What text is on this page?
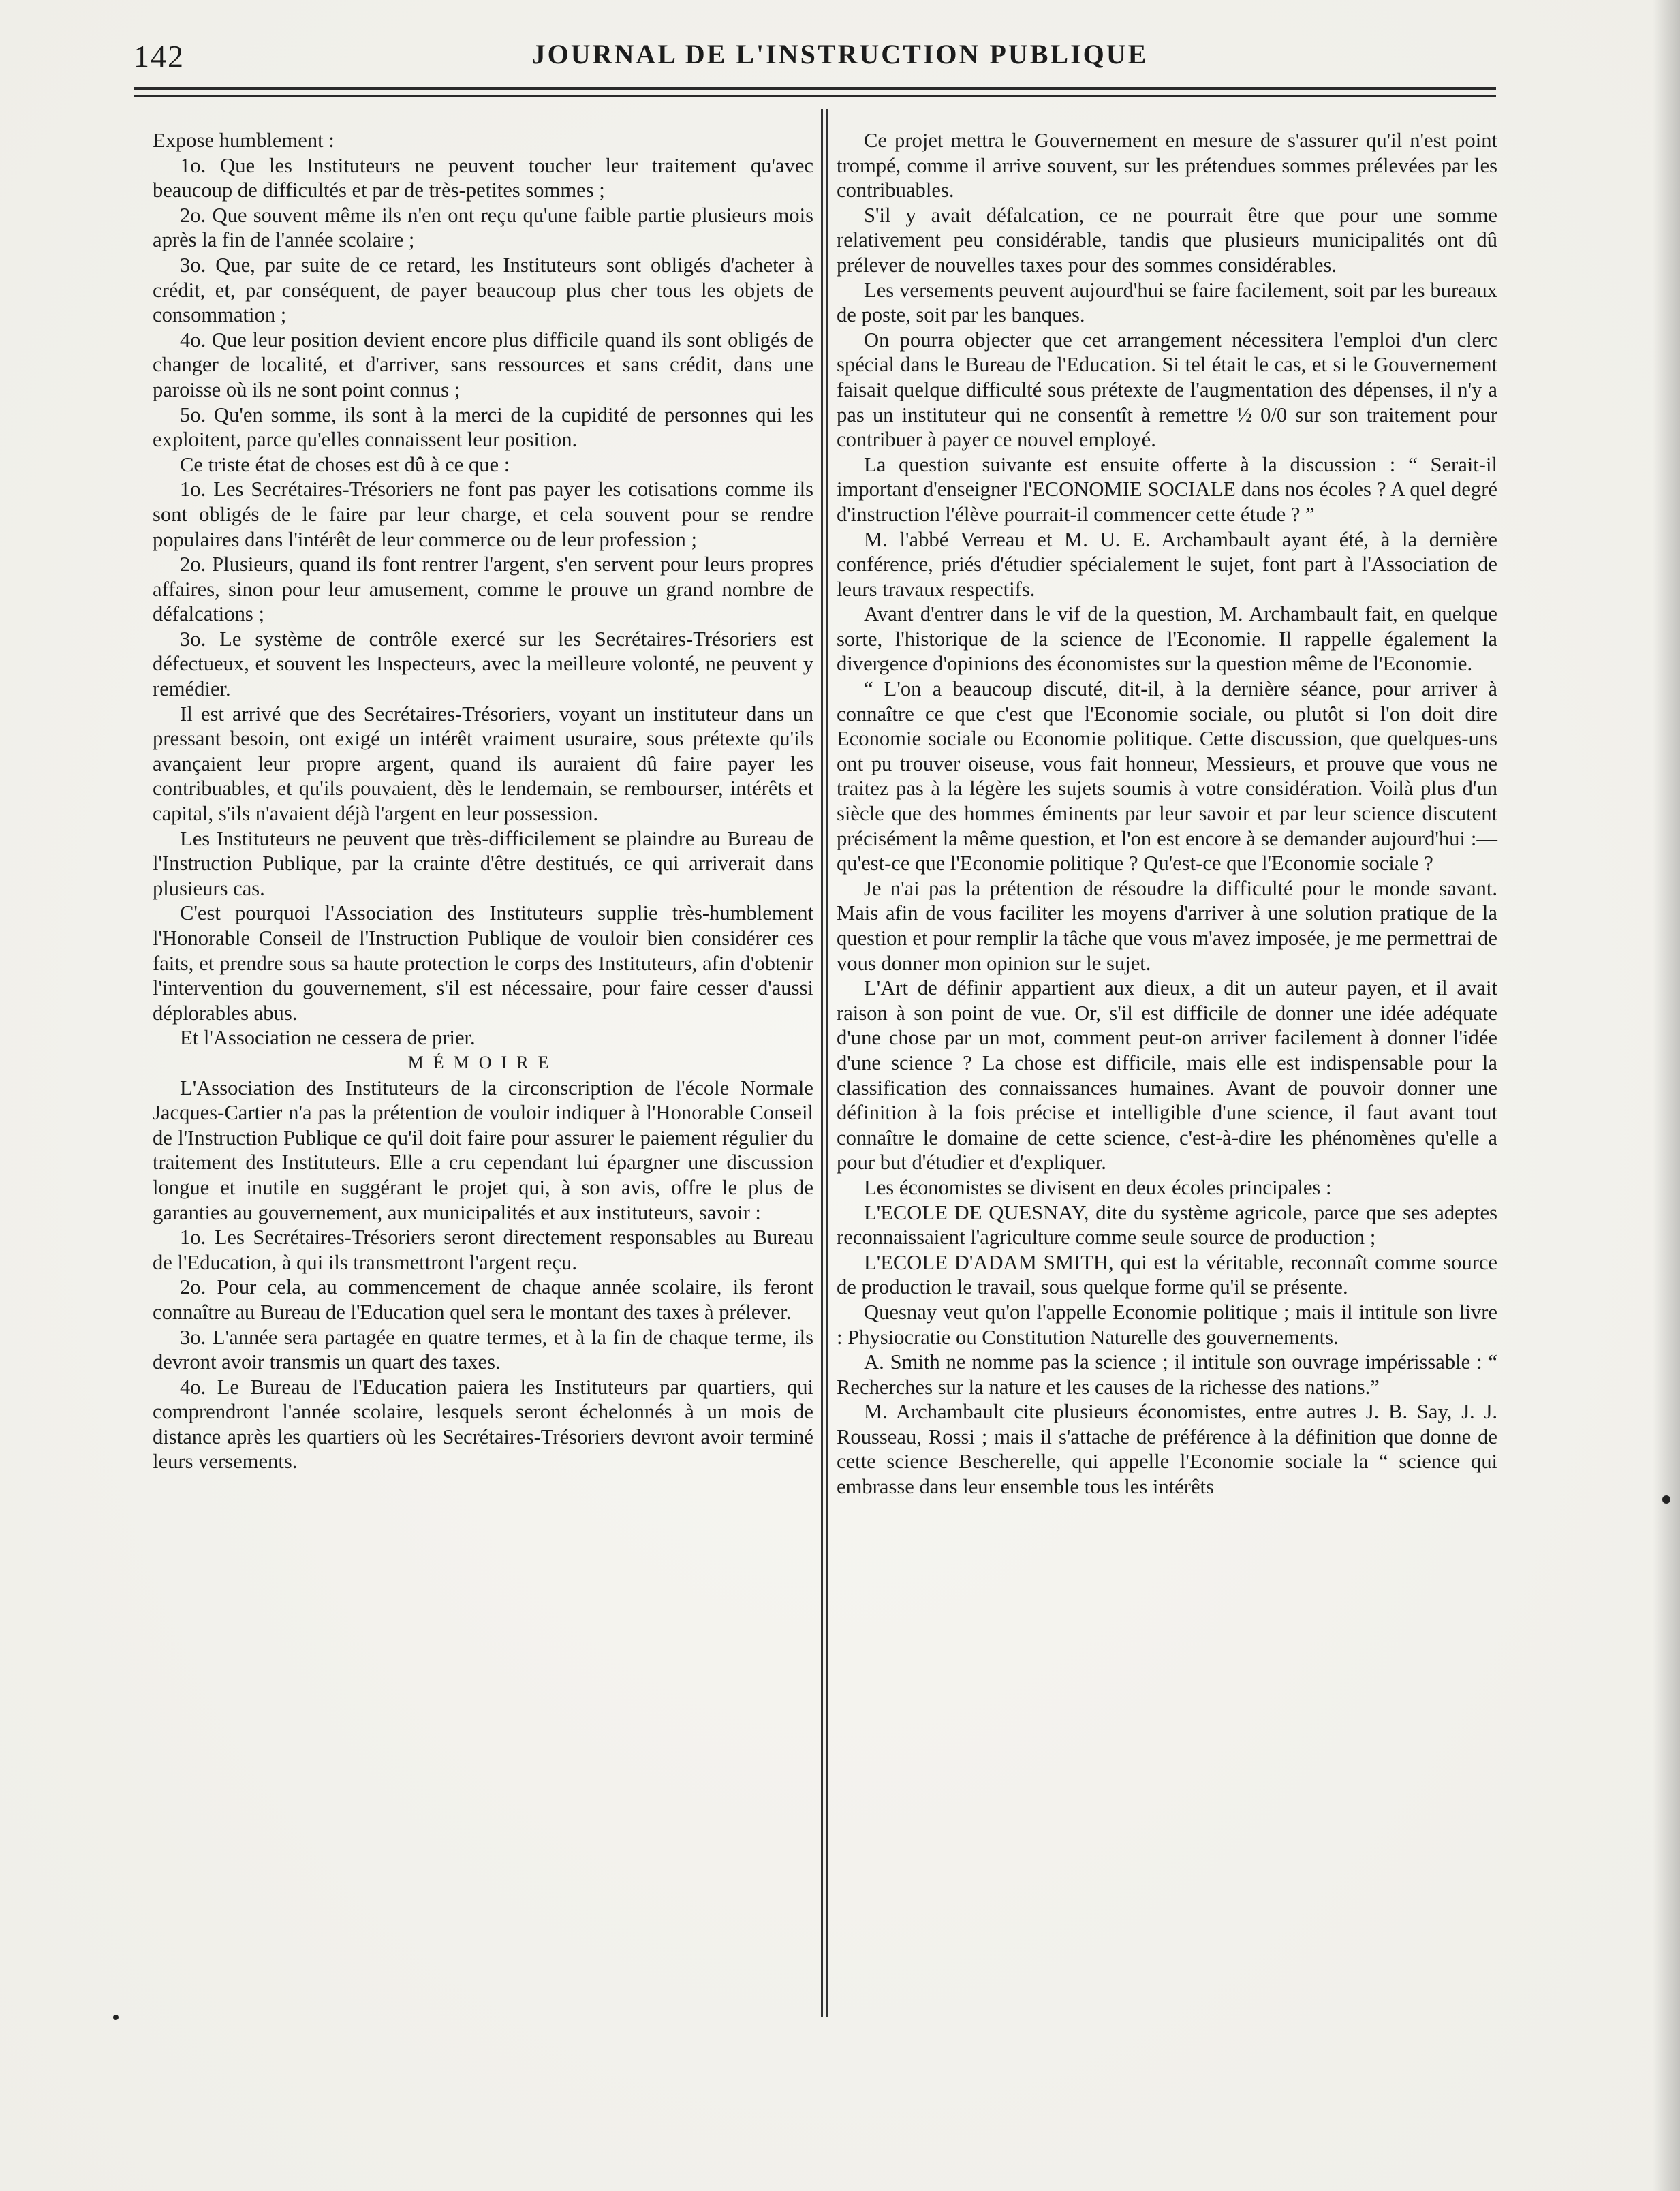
142	JOURNAL DE L'INSTRUCTION PUBLIQUE

Expose humblement :

1o. Que les Instituteurs ne peuvent toucher leur traitement qu'avec beaucoup de difficultés et par de très-petites sommes ;

2o. Que souvent même ils n'en ont reçu qu'une faible partie plusieurs mois après la fin de l'année scolaire ;

3o. Que, par suite de ce retard, les Instituteurs sont obligés d'acheter à crédit, et, par conséquent, de payer beaucoup plus cher tous les objets de consommation ;

4o. Que leur position devient encore plus difficile quand ils sont obligés de changer de localité, et d'arriver, sans ressources et sans crédit, dans une paroisse où ils ne sont point connus ;

5o. Qu'en somme, ils sont à la merci de la cupidité de personnes qui les exploitent, parce qu'elles connaissent leur position.

Ce triste état de choses est dû à ce que :

1o. Les Secrétaires-Trésoriers ne font pas payer les cotisations comme ils sont obligés de le faire par leur charge, et cela souvent pour se rendre populaires dans l'intérêt de leur commerce ou de leur profession ;

2o. Plusieurs, quand ils font rentrer l'argent, s'en servent pour leurs propres affaires, sinon pour leur amusement, comme le prouve un grand nombre de défalcations ;

3o. Le système de contrôle exercé sur les Secrétaires-Trésoriers est défectueux, et souvent les Inspecteurs, avec la meilleure volonté, ne peuvent y remédier.

Il est arrivé que des Secrétaires-Trésoriers, voyant un instituteur dans un pressant besoin, ont exigé un intérêt vraiment usuraire, sous prétexte qu'ils avançaient leur propre argent, quand ils auraient dû faire payer les contribuables, et qu'ils pouvaient, dès le lendemain, se rembourser, intérêts et capital, s'ils n'avaient déjà l'argent en leur possession.

Les Instituteurs ne peuvent que très-difficilement se plaindre au Bureau de l'Instruction Publique, par la crainte d'être destitués, ce qui arriverait dans plusieurs cas.

C'est pourquoi l'Association des Instituteurs supplie très-humblement l'Honorable Conseil de l'Instruction Publique de vouloir bien considérer ces faits, et prendre sous sa haute protection le corps des Instituteurs, afin d'obtenir l'intervention du gouvernement, s'il est nécessaire, pour faire cesser d'aussi déplorables abus.

Et l'Association ne cessera de prier.

MÉMOIRE

L'Association des Instituteurs de la circonscription de l'école Normale Jacques-Cartier n'a pas la prétention de vouloir indiquer à l'Honorable Conseil de l'Instruction Publique ce qu'il doit faire pour assurer le paiement régulier du traitement des Instituteurs. Elle a cru cependant lui épargner une discussion longue et inutile en suggérant le projet qui, à son avis, offre le plus de garanties au gouvernement, aux municipalités et aux instituteurs, savoir :

1o. Les Secrétaires-Trésoriers seront directement responsables au Bureau de l'Education, à qui ils transmettront l'argent reçu.

2o. Pour cela, au commencement de chaque année scolaire, ils feront connaître au Bureau de l'Education quel sera le montant des taxes à prélever.

3o. L'année sera partagée en quatre termes, et à la fin de chaque terme, ils devront avoir transmis un quart des taxes.

4o. Le Bureau de l'Education paiera les Instituteurs par quartiers, qui comprendront l'année scolaire, lesquels seront échelonnés à un mois de distance après les quartiers où les Secrétaires-Trésoriers devront avoir terminé leurs versements.

Ce projet mettra le Gouvernement en mesure de s'assurer qu'il n'est point trompé, comme il arrive souvent, sur les prétendues sommes prélevées par les contribuables.

S'il y avait défalcation, ce ne pourrait être que pour une somme relativement peu considérable, tandis que plusieurs municipalités ont dû prélever de nouvelles taxes pour des sommes considérables.

Les versements peuvent aujourd'hui se faire facilement, soit par les bureaux de poste, soit par les banques.

On pourra objecter que cet arrangement nécessitera l'emploi d'un clerc spécial dans le Bureau de l'Education. Si tel était le cas, et si le Gouvernement faisait quelque difficulté sous prétexte de l'augmentation des dépenses, il n'y a pas un instituteur qui ne consentît à remettre ½ 0/0 sur son traitement pour contribuer à payer ce nouvel employé.

La question suivante est ensuite offerte à la discussion : “ Serait-il important d'enseigner l'ECONOMIE SOCIALE dans nos écoles ? A quel degré d'instruction l'élève pourrait-il commencer cette étude ? ”

M. l'abbé Verreau et M. U. E. Archambault ayant été, à la dernière conférence, priés d'étudier spécialement le sujet, font part à l'Association de leurs travaux respectifs.

Avant d'entrer dans le vif de la question, M. Archambault fait, en quelque sorte, l'historique de la science de l'Economie. Il rappelle également la divergence d'opinions des économistes sur la question même de l'Economie.

“ L'on a beaucoup discuté, dit-il, à la dernière séance, pour arriver à connaître ce que c'est que l'Economie sociale, ou plutôt si l'on doit dire Economie sociale ou Economie politique. Cette discussion, que quelques-uns ont pu trouver oiseuse, vous fait honneur, Messieurs, et prouve que vous ne traitez pas à la légère les sujets soumis à votre considération. Voilà plus d'un siècle que des hommes éminents par leur savoir et par leur science discutent précisément la même question, et l'on est encore à se demander aujourd'hui :—qu'est-ce que l'Economie politique ? Qu'est-ce que l'Economie sociale ?

Je n'ai pas la prétention de résoudre la difficulté pour le monde savant. Mais afin de vous faciliter les moyens d'arriver à une solution pratique de la question et pour remplir la tâche que vous m'avez imposée, je me permettrai de vous donner mon opinion sur le sujet.

L'Art de définir appartient aux dieux, a dit un auteur payen, et il avait raison à son point de vue. Or, s'il est difficile de donner une idée adéquate d'une chose par un mot, comment peut-on arriver facilement à donner l'idée d'une science ? La chose est difficile, mais elle est indispensable pour la classification des connaissances humaines. Avant de pouvoir donner une définition à la fois précise et intelligible d'une science, il faut avant tout connaître le domaine de cette science, c'est-à-dire les phénomènes qu'elle a pour but d'étudier et d'expliquer.

Les économistes se divisent en deux écoles principales :

L'ECOLE DE QUESNAY, dite du système agricole, parce que ses adeptes reconnaissaient l'agriculture comme seule source de production ;

L'ECOLE D'ADAM SMITH, qui est la véritable, reconnaît comme source de production le travail, sous quelque forme qu'il se présente.

Quesnay veut qu'on l'appelle Economie politique ; mais il intitule son livre : Physiocratie ou Constitution Naturelle des gouvernements.

A. Smith ne nomme pas la science ; il intitule son ouvrage impérissable : “ Recherches sur la nature et les causes de la richesse des nations.”

M. Archambault cite plusieurs économistes, entre autres J. B. Say, J. J. Rousseau, Rossi ; mais il s'attache de préférence à la définition que donne de cette science Bescherelle, qui appelle l'Economie sociale la “ science qui embrasse dans leur ensemble tous les intérêts
